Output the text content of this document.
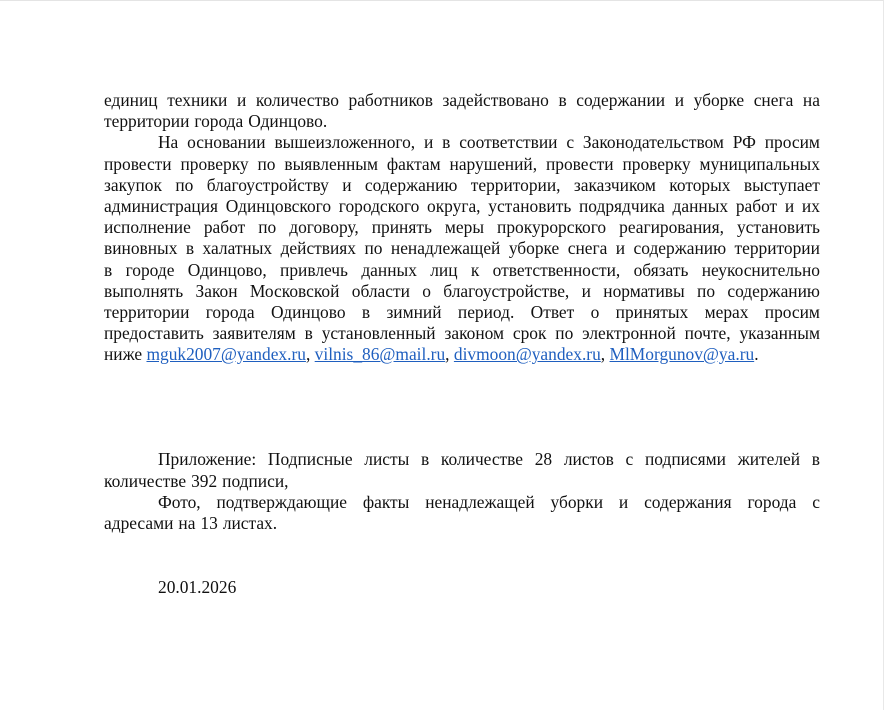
единиц техники и количество работников задействовано в содержании и уборке снега на
территории города Одинцово.
На основании вышеизложенного, и в соответствии с Законодательством РФ просим
провести проверку по выявленным фактам нарушений, провести проверку муниципальных
закупок по благоустройству и содержанию территории, заказчиком которых выступает
администрация Одинцовского городского округа, установить подрядчика данных работ и их
исполнение работ по договору, принять меры прокурорского реагирования, установить
виновных в халатных действиях по ненадлежащей уборке снега и содержанию территории
в городе Одинцово, привлечь данных лиц к ответственности, обязать неукоснительно
выполнять Закон Московской области о благоустройстве, и нормативы по содержанию
территории города Одинцово в зимний период. Ответ о принятых мерах просим
предоставить заявителям в установленный законом срок по электронной почте, указанным
ниже
mguk2007@yandex.ru ,
vilnis_86@mail.ru ,
divmoon@yandex.ru ,
MlMorgunov@ya.ru .
Приложение: Подписные листы в количестве 28 листов с подписями жителей в
количестве 392 подписи,
Фото, подтверждающие факты ненадлежащей уборки и содержания города с
адресами на 13 листах.
20.01.2026
